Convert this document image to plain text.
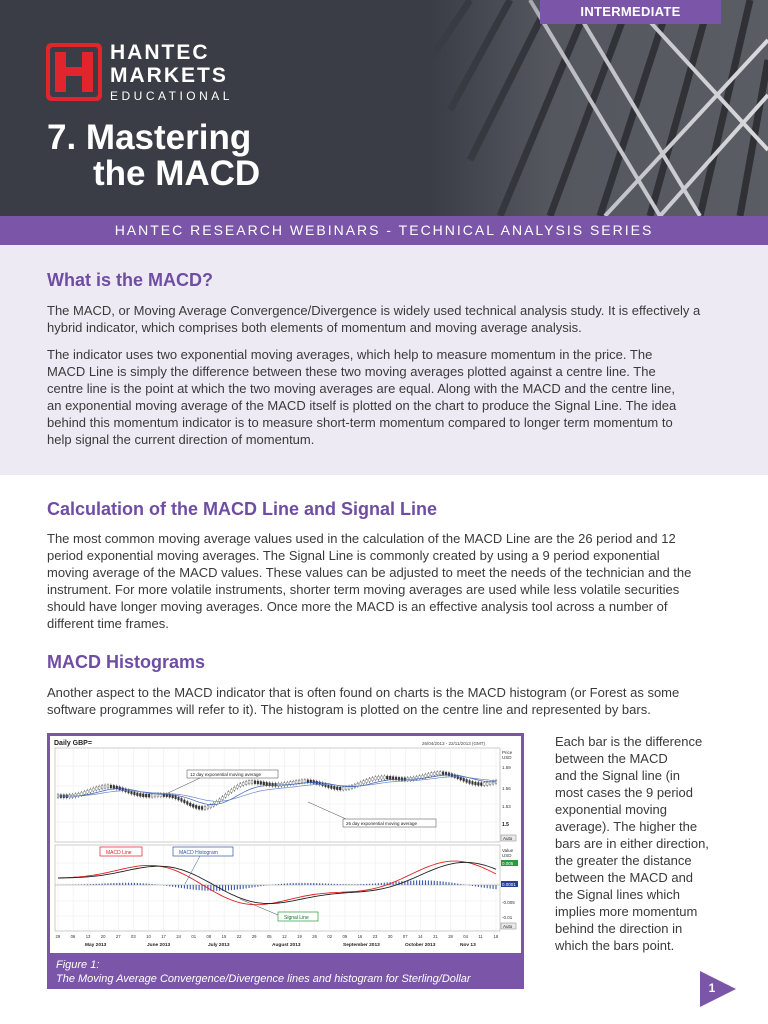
INTERMEDIATE
HANTEC
MARKETS
EDUCATIONAL
7. Mastering
the MACD
HANTEC RESEARCH WEBINARS - TECHNICAL ANALYSIS SERIES
What is the MACD?

The MACD, or Moving Average Convergence/Divergence is widely used technical analysis study. It is effectively a
hybrid indicator, which comprises both elements of momentum and moving average analysis.

The indicator uses two exponential moving averages, which help to measure momentum in the price. The
MACD Line is simply the difference between these two moving averages plotted against a centre line. The
centre line is the point at which the two moving averages are equal. Along with the MACD and the centre line,
an exponential moving average of the MACD itself is plotted on the chart to produce the Signal Line. The idea
behind this momentum indicator is to measure short-term momentum compared to longer term momentum to
help signal the current direction of momentum.

Calculation of the MACD Line and Signal Line

The most common moving average values used in the calculation of the MACD Line are the 26 period and 12
period exponential moving averages. The Signal Line is commonly created by using a 9 period exponential
moving average of the MACD values. These values can be adjusted to meet the needs of the technician and the
instrument. For more volatile instruments, shorter term moving averages are used while less volatile securities
should have longer moving averages. Once more the MACD is an effective analysis tool across a number of
different time frames.

MACD Histograms

Another aspect to the MACD indicator that is often found on charts is the MACD histogram (or Forest as some
software programmes will refer to it). The histogram is plotted on the centre line and represented by bars.

Daily GBP=	26/04/2013 - 22/11/2013 (GMT)
Price
USD
1.59
1.56
1.53
1.5
Auto
Value
USD
0.005
0.0001
-0.005
-0.01
Auto
29 06 13 20 27 03 10 17 24 01 08 15 22 29 05 12 19 26 02 09 16 23 30 07 14 21 28 04 11	18
May 2013	June 2013	July 2013	August 2013	September 2013	October 2013	Nov 13
12 day exponential moving average
26 day exponential moving average
MACD Line	MACD Histogram
Signal Line
Figure 1:
The Moving Average Convergence/Divergence lines and histogram for Sterling/Dollar

Each bar is the difference
between the MACD
and the Signal line (in
most cases the 9 period
exponential moving
average). The higher the
bars are in either direction,
the greater the distance
between the MACD and
the Signal lines which
implies more momentum
behind the direction in
which the bars point.

1
